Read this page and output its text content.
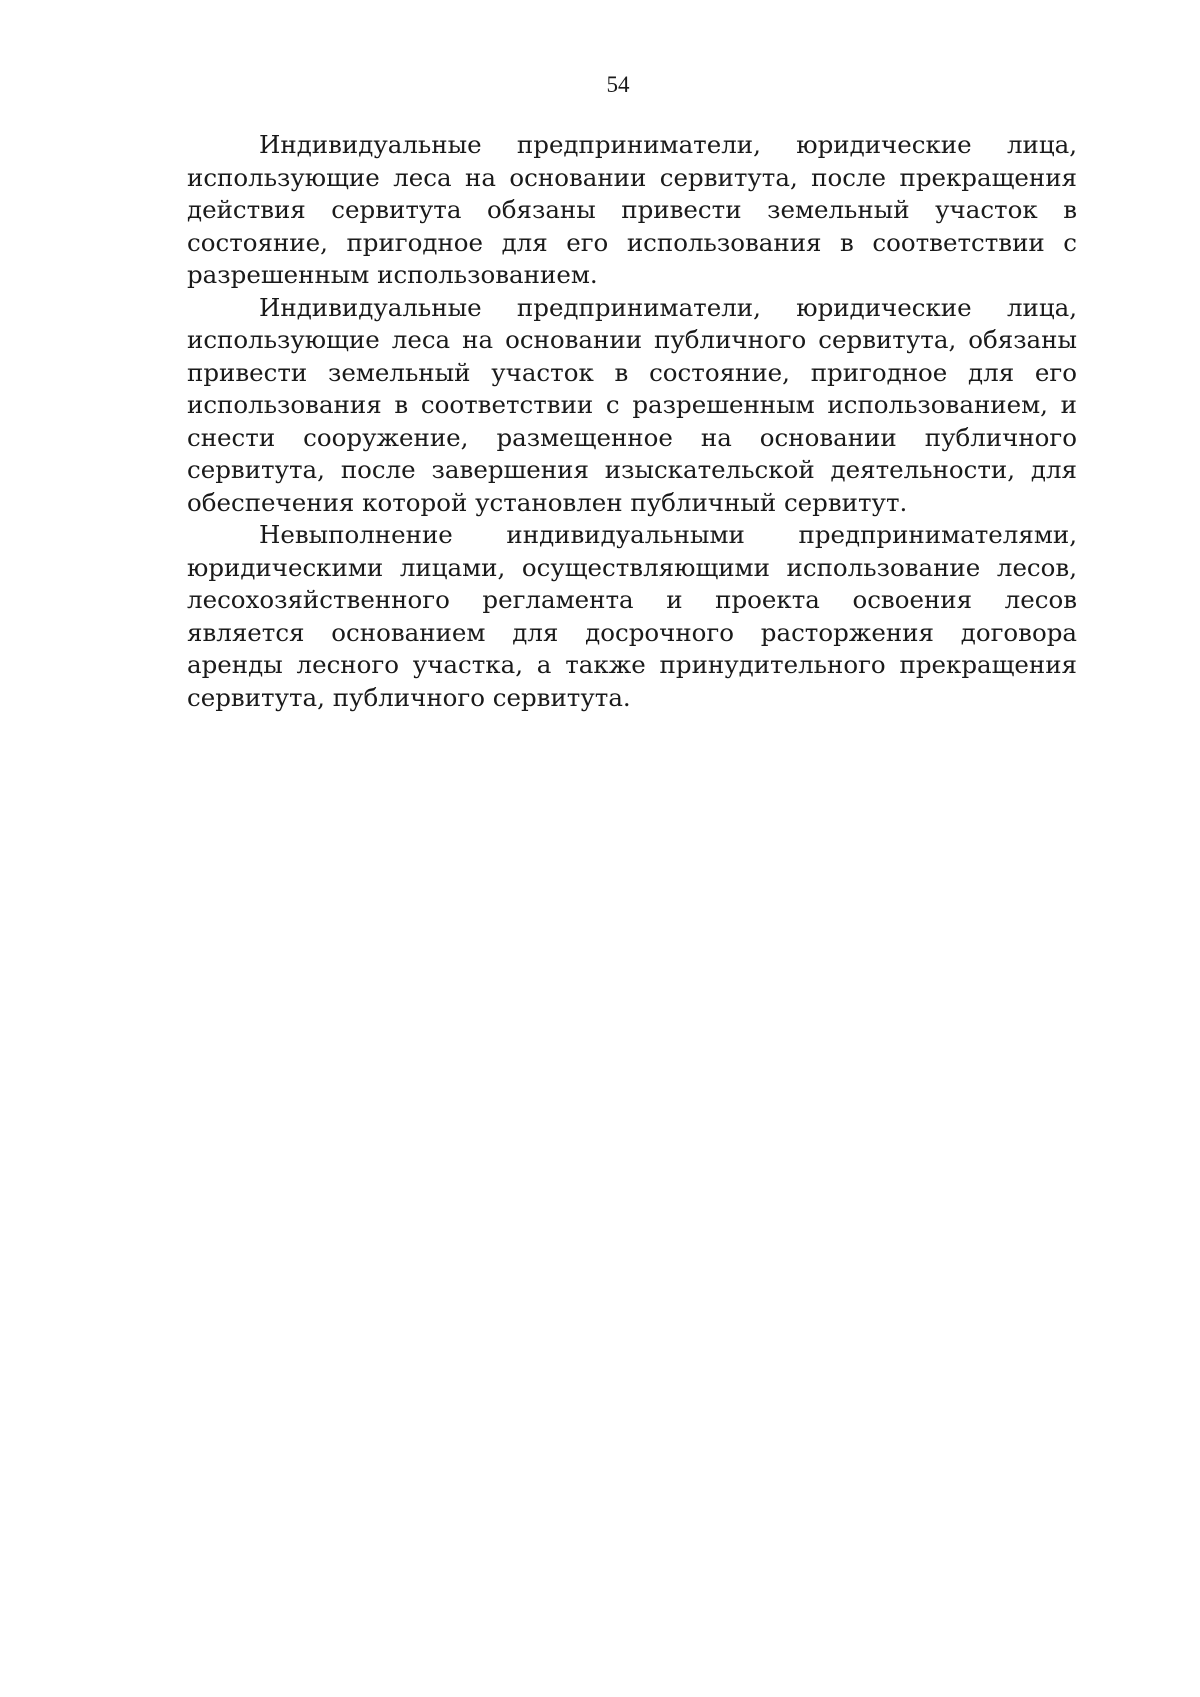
54

Индивидуальные предприниматели, юридические лица, использующие леса на основании сервитута, после прекращения действия сервитута обязаны привести земельный участок в состояние, пригодное для его использования в соответствии с разрешенным использованием.

Индивидуальные предприниматели, юридические лица, использующие леса на основании публичного сервитута, обязаны привести земельный участок в состояние, пригодное для его использования в соответствии с разрешенным использованием, и снести сооружение, размещенное на основании публичного сервитута, после завершения изыскательской деятельности, для обеспечения которой установлен публичный сервитут.

Невыполнение индивидуальными предпринимателями, юридическими лицами, осуществляющими использование лесов, лесохозяйственного регламента и проекта освоения лесов является основанием для досрочного расторжения договора аренды лесного участка, а также принудительного прекращения сервитута, публичного сервитута.
